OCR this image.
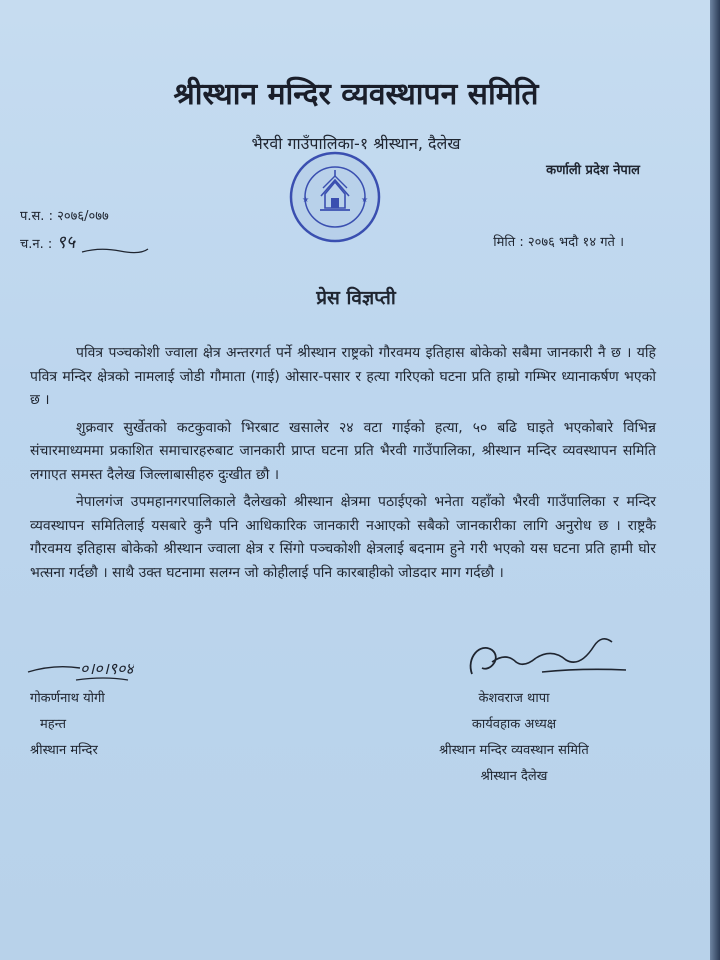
श्रीस्थान मन्दिर व्यवस्थापन समिति
भैरवी गाउँपालिका-१ श्रीस्थान, दैलेख
कर्णाली प्रदेश नेपाल
प.स. : २०७६/०७७
च.न. : ९५	मिति : २०७६ भदौ १४ गते ।
★	★
प्रेस विज्ञप्ती

पवित्र पञ्चकोशी ज्वाला क्षेत्र अन्तरगर्त पर्ने श्रीस्थान राष्ट्रको गौरवमय इतिहास बोकेको सबैमा जानकारी नै छ । यहि पवित्र मन्दिर क्षेत्रको नामलाई जोडी गौमाता (गाई) ओसार-पसार र हत्या गरिएको घटना प्रति हाम्रो गम्भिर ध्यानाकर्षण भएको छ ।

शुक्रवार सुर्खेतको कटकुवाको भिरबाट खसालेर २४ वटा गाईको हत्या, ५० बढि घाइते भएकोबारे विभिन्न संचारमाध्यममा प्रकाशित समाचारहरुबाट जानकारी प्राप्त घटना प्रति भैरवी गाउँपालिका, श्रीस्थान मन्दिर व्यवस्थापन समिति लगाएत समस्त दैलेख जिल्लाबासीहरु दुःखीत छौ ।

नेपालगंज उपमहानगरपालिकाले दैलेखको श्रीस्थान क्षेत्रमा पठाईएको भनेता यहाँको भैरवी गाउँपालिका र मन्दिर व्यवस्थापन समितिलाई यसबारे कुनै पनि आधिकारिक जानकारी नआएको सबैको जानकारीका लागि अनुरोध छ । राष्ट्रकै गौरवमय इतिहास बोकेको श्रीस्थान ज्वाला क्षेत्र र सिंगो पञ्चकोशी क्षेत्रलाई बदनाम हुने गरी भएको यस घटना प्रति हामी घोर भत्सना गर्दछौ । साथै उक्त घटनामा सलग्न जो कोहीलाई पनि कारबाहीको जोडदार माग गर्दछौ ।

०।०।९०४
गोकर्णनाथ योगी
महन्त
श्रीस्थान मन्दिर
केशवराज थापा
कार्यवहाक अध्यक्ष
श्रीस्थान मन्दिर व्यवस्थान समिति
श्रीस्थान दैलेख
